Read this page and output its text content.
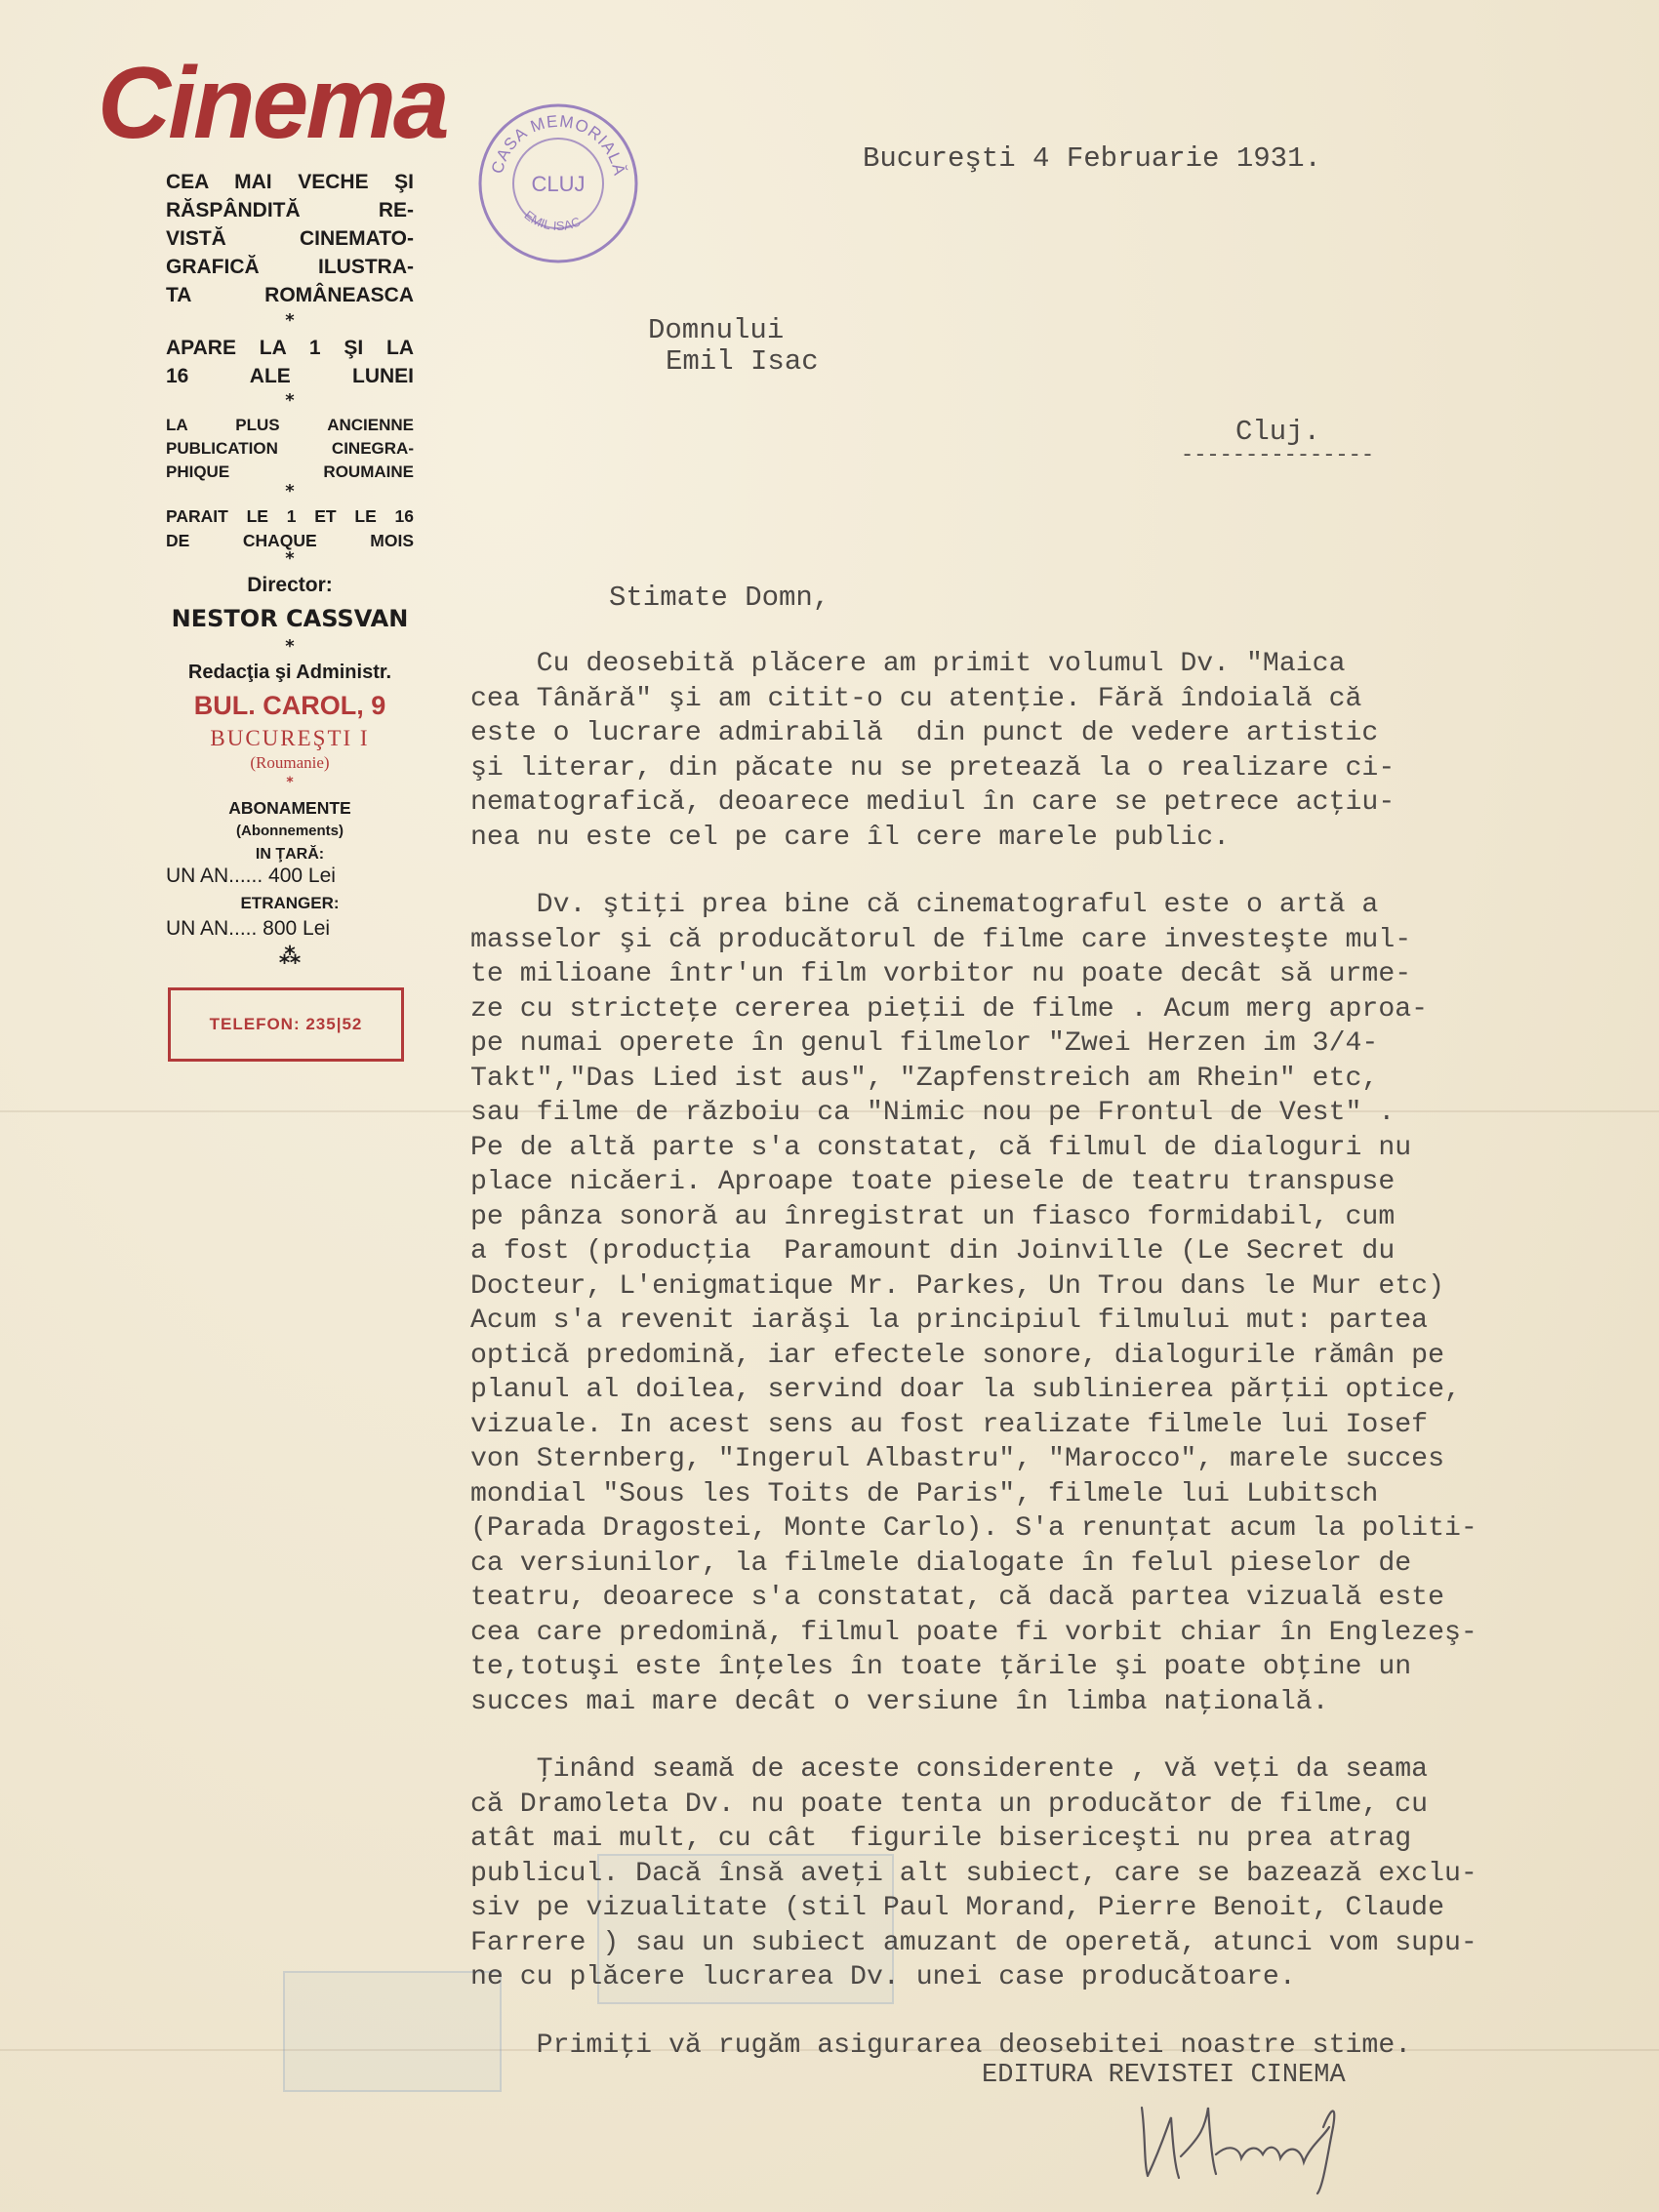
Cinema
CEA MAI VECHE ŞI
RĂSPÂNDITĂ RE-
VISTĂ CINEMATO-
GRAFICĂ ILUSTRA-
TA ROMÂNEASCA
*
APARE LA 1 ŞI LA
16 ALE LUNEI
*
LA PLUS ANCIENNE
PUBLICATION CINEGRA-
PHIQUE ROUMAINE
*
PARAIT LE 1 ET LE 16
DE CHAQUE MOIS
*
Director:
NESTOR CASSVAN
*
Redacţia şi Administr.
BUL. CAROL, 9
BUCUREŞTI I
(Roumanie)
*
ABONAMENTE
(Abonnements)
IN ŢARĂ:
UN AN...... 400 Lei
ETRANGER:
UN AN..... 800 Lei
⁂
TELEFON: 235|52
CASA MEMORIALĂ
CLUJ
EMIL ISAC
Bucureşti 4 Februarie 1931.
Domnului
Emil Isac
Cluj.
---------------
Stimate Domn,
Cu deosebită plăcere am primit volumul Dv. "Maica
cea Tânără" şi am citit-o cu atenţie. Fără îndoială că
este o lucrare admirabilă  din punct de vedere artistic
şi literar, din păcate nu se pretează la o realizare ci-
nematografică, deoarece mediul în care se petrece acţiu-
nea nu este cel pe care îl cere marele public.
Dv. ştiţi prea bine că cinematograful este o artă a
masselor şi că producătorul de filme care investeşte mul-
te milioane într'un film vorbitor nu poate decât să urme-
ze cu stricteţe cererea pieţii de filme . Acum merg aproa-
pe numai operete în genul filmelor "Zwei Herzen im 3/4-
Takt","Das Lied ist aus", "Zapfenstreich am Rhein" etc,
sau filme de războiu ca "Nimic nou pe Frontul de Vest" .
Pe de altă parte s'a constatat, că filmul de dialoguri nu
place nicăeri. Aproape toate piesele de teatru transpuse
pe pânza sonoră au înregistrat un fiasco formidabil, cum
a fost (producţia  Paramount din Joinville (Le Secret du
Docteur, L'enigmatique Mr. Parkes, Un Trou dans le Mur etc)
Acum s'a revenit iarăşi la principiul filmului mut: partea
optică predomină, iar efectele sonore, dialogurile rămân pe
planul al doilea, servind doar la sublinierea părţii optice,
vizuale. In acest sens au fost realizate filmele lui Iosef
von Sternberg, "Ingerul Albastru", "Marocco", marele succes
mondial "Sous les Toits de Paris", filmele lui Lubitsch
(Parada Dragostei, Monte Carlo). S'a renunţat acum la politi-
ca versiunilor, la filmele dialogate în felul pieselor de
teatru, deoarece s'a constatat, că dacă partea vizuală este
cea care predomină, filmul poate fi vorbit chiar în Englezeş-
te,totuşi este înţeles în toate ţările şi poate obţine un
succes mai mare decât o versiune în limba naţională.
Ţinând seamă de aceste considerente , vă veţi da seama
că Dramoleta Dv. nu poate tenta un producător de filme, cu
atât mai mult, cu cât  figurile bisericeşti nu prea atrag
publicul. Dacă însă aveţi alt subiect, care se bazează exclu-
siv pe vizualitate (stil Paul Morand, Pierre Benoit, Claude
Farrere ) sau un subiect amuzant de operetă, atunci vom supu-
ne cu plăcere lucrarea Dv. unei case producătoare.
Primiţi vă rugăm asigurarea deosebitei noastre stime.
EDITURA REVISTEI CINEMA
